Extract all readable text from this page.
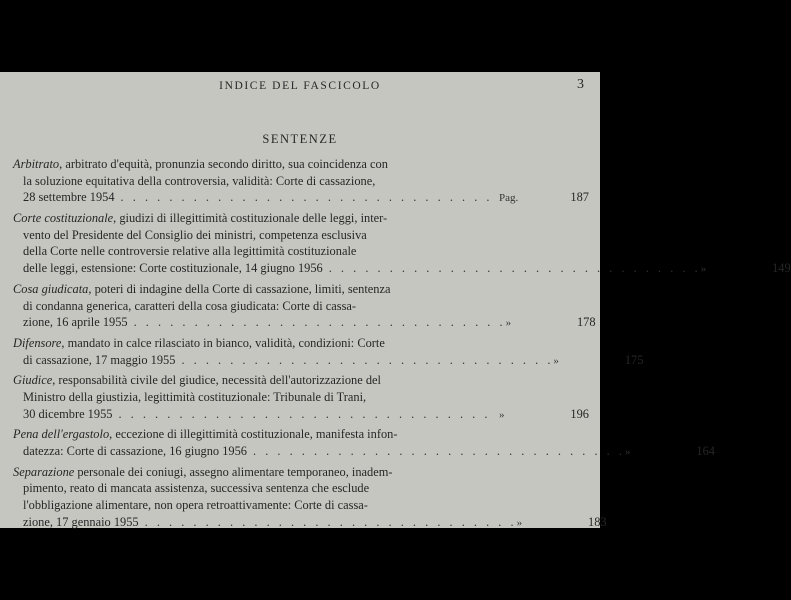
INDICE DEL FASCICOLO	3
SENTENZE
Arbitrato, arbitrato d'equità, pronunzia secondo diritto, sua coincidenza con
la soluzione equitativa della controversia, validità: Corte di cassazione,
28 settembre 1954 . . . . . . . . . . . . . . . . . . . . . . . . . . . . . . . Pag.	187
Corte costituzionale, giudizi di illegittimità costituzionale delle leggi, inter-
vento del Presidente del Consiglio dei ministri, competenza esclusiva
della Corte nelle controversie relative alla legittimità costituzionale
delle leggi, estensione: Corte costituzionale, 14 giugno 1956 . . . . . . . . . . . . . . . . . . . . . . . . . . . . . . . »	149
Cosa giudicata, poteri di indagine della Corte di cassazione, limiti, sentenza
di condanna generica, caratteri della cosa giudicata: Corte di cassa-
zione, 16 aprile 1955 . . . . . . . . . . . . . . . . . . . . . . . . . . . . . . . »	178
Difensore, mandato in calce rilasciato in bianco, validità, condizioni: Corte
di cassazione, 17 maggio 1955 . . . . . . . . . . . . . . . . . . . . . . . . . . . . . . . »	175
Giudice, responsabilità civile del giudice, necessità dell'autorizzazione del
Ministro della giustizia, legittimità costituzionale: Tribunale di Trani,
30 dicembre 1955 . . . . . . . . . . . . . . . . . . . . . . . . . . . . . . . »	196
Pena dell'ergastolo, eccezione di illegittimità costituzionale, manifesta infon-
datezza: Corte di cassazione, 16 giugno 1956 . . . . . . . . . . . . . . . . . . . . . . . . . . . . . . . »	164
Separazione personale dei coniugi, assegno alimentare temporaneo, inadem-
pimento, reato di mancata assistenza, successiva sentenza che esclude
l'obbligazione alimentare, non opera retroattivamente: Corte di cassa-
zione, 17 gennaio 1955 . . . . . . . . . . . . . . . . . . . . . . . . . . . . . . . »	183
